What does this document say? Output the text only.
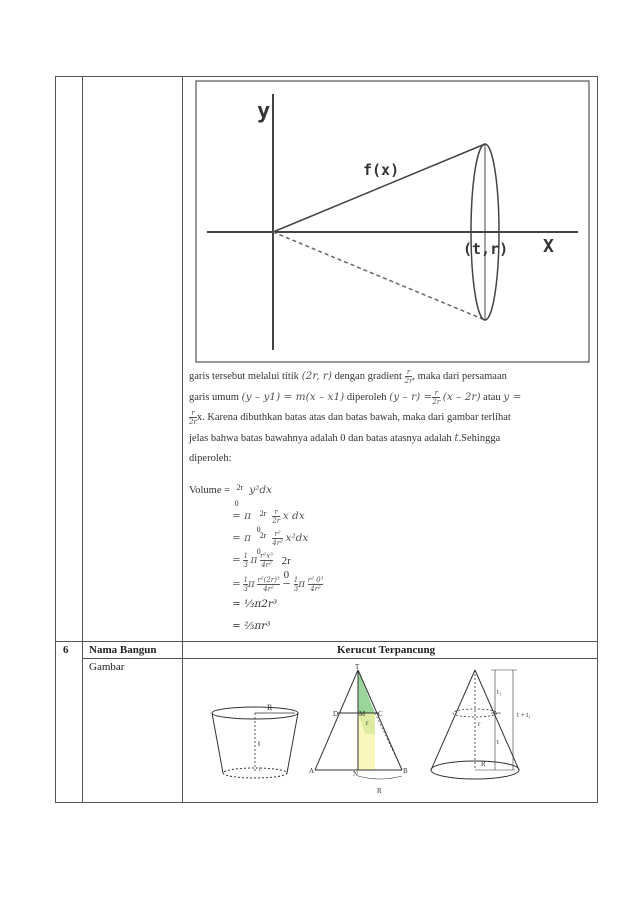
y
X
f(x)
(t,r)
garis tersebut melalui titik (2r, r) dengan gradient $\frac{r}{2r}$ , maka dari persamaan
garis umum (y – y1) = m(x – x1) diperoleh $(y - r) = \frac{r}{2r} (x - 2r)$ atau y =
$\frac{r}{2r} x$. Karena dibuthkan batas atas dan batas bawah, maka dari gambar terlihat
jelas bahwa batas bawahnya adalah 0 dan batas atasnya adalah t.Sehingga
diperoleh:
Volume = 2r
0
y²dx
= π 2r
0

$\frac{r}{2r}$ x dx
= π 2r
0

$\frac{\text{r²}}{\text{4r²}} x^2dx$
= $\frac{1}{3}$ π $\frac{\text{r²x³}}{\text{4r²}}$
2r
0
= $\frac{1}{3}$ π $\frac{\text{r²(2r)³}}{\text{4r²}} - \frac{1}{3}$ π $\frac{\text{r² 0³}}{\text{4r²}}$
= ⅓π2r³
= ⅔πr³
6 Nama Bangun	Kerucut Terpancung
Gambar
R
t
r
T
D	M C
r
A	N	B
R
t₁
t + t₁
t
r
R
